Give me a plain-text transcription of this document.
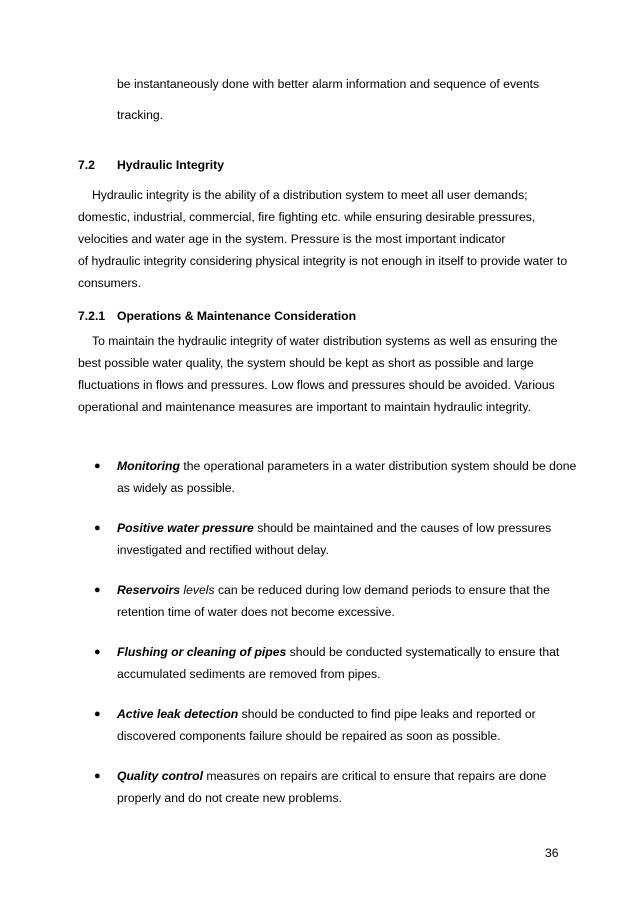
be instantaneously done with better alarm information and sequence of events
tracking.
7.2 Hydraulic Integrity
Hydraulic integrity is the ability of a distribution system to meet all user demands;
domestic, industrial, commercial, fire fighting etc. while ensuring desirable pressures,
velocities and water age in the system. Pressure is the most important indicator
of hydraulic integrity considering physical integrity is not enough in itself to provide water to
consumers.
7.2.1 Operations & Maintenance Consideration
To maintain the hydraulic integrity of water distribution systems as well as ensuring the
best possible water quality, the system should be kept as short as possible and large
fluctuations in flows and pressures. Low flows and pressures should be avoided. Various
operational and maintenance measures are important to maintain hydraulic integrity.
● Monitoring the operational parameters in a water distribution system should be done
as widely as possible.
● Positive water pressure should be maintained and the causes of low pressures
investigated and rectified without delay.
● Reservoirs levels can be reduced during low demand periods to ensure that the
retention time of water does not become excessive.
● Flushing or cleaning of pipes should be conducted systematically to ensure that
accumulated sediments are removed from pipes.
● Active leak detection should be conducted to find pipe leaks and reported or
discovered components failure should be repaired as soon as possible.
● Quality control measures on repairs are critical to ensure that repairs are done
properly and do not create new problems.
36
